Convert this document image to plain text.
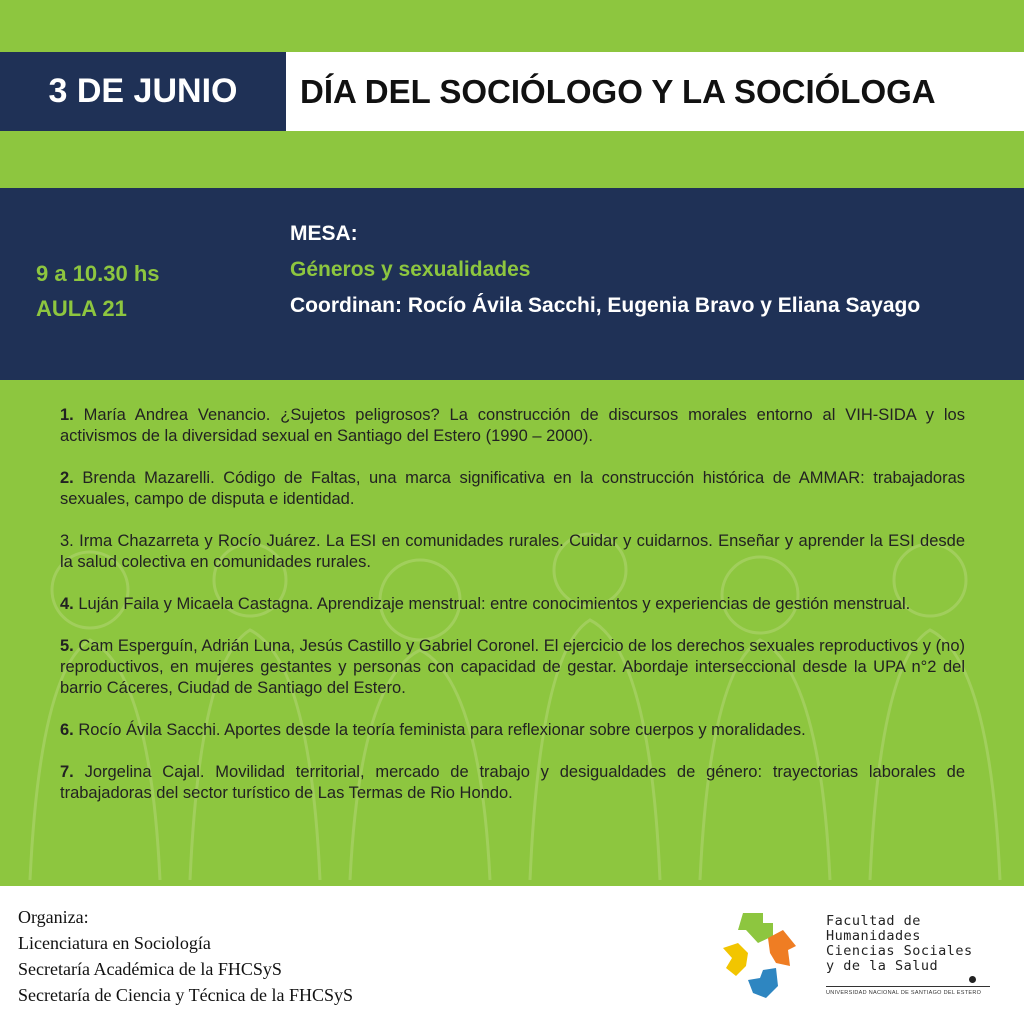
3 DE JUNIO	DÍA DEL SOCIÓLOGO Y LA SOCIÓLOGA
9 a 10.30 hs
AULA 21
MESA:
Géneros y sexualidades
Coordinan: Rocío Ávila Sacchi, Eugenia Bravo y Eliana Sayago

1. María Andrea Venancio. ¿Sujetos peligrosos? La construcción de discursos morales entorno al VIH-SIDA y los activismos de la diversidad sexual en Santiago del Estero (1990 – 2000).

2. Brenda Mazarelli. Código de Faltas, una marca significativa en la construcción histórica de AMMAR: trabajadoras sexuales, campo de disputa e identidad.

3. Irma Chazarreta y Rocío Juárez. La ESI en comunidades rurales. Cuidar y cuidarnos. Enseñar y aprender la ESI desde la salud colectiva en comunidades rurales.

4. Luján Faila y Micaela Castagna. Aprendizaje menstrual: entre conocimientos y experiencias de gestión menstrual.

5. Cam Esperguín, Adrián Luna, Jesús Castillo y Gabriel Coronel. El ejercicio de los derechos sexuales reproductivos y (no) reproductivos, en mujeres gestantes y personas con capacidad de gestar. Abordaje interseccional desde la UPA n°2 del barrio Cáceres, Ciudad de Santiago del Estero.

6. Rocío Ávila Sacchi. Aportes desde la teoría feminista para reflexionar sobre cuerpos y moralidades.

7. Jorgelina Cajal. Movilidad territorial, mercado de trabajo y desigualdades de género: trayectorias laborales de trabajadoras del sector turístico de Las Termas de Rio Hondo.

Organiza:
Licenciatura en Sociología
Secretaría Académica de la FHCSyS
Secretaría de Ciencia y Técnica de la FHCSyS
Facultad de
Humanidades
Ciencias Sociales
y de la Salud
UNIVERSIDAD NACIONAL DE SANTIAGO DEL ESTERO
